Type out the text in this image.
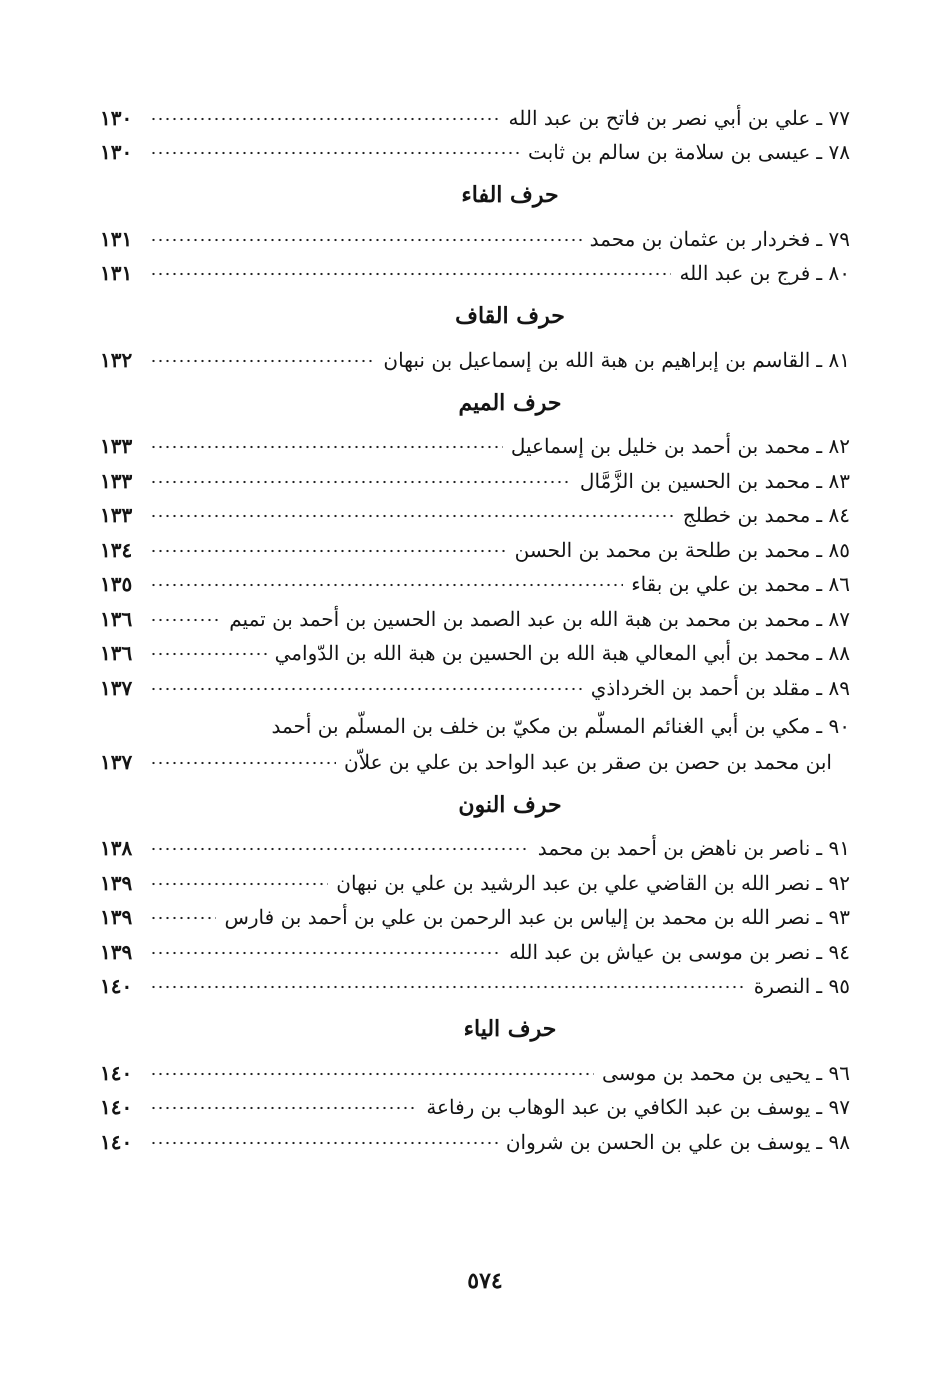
٧٧ ـ
علي بن أبي نصر بن فاتح بن عبد الله
١٣٠
٧٨ ـ
عيسى بن سلامة بن سالم بن ثابت
١٣٠
حرف الفاء
٧٩ ـ
فخردار بن عثمان بن محمد
١٣١
٨٠ ـ
فرج بن عبد الله
١٣١
حرف القاف
٨١ ـ
القاسم بن إبراهيم بن هبة الله بن إسماعيل بن نبهان
١٣٢
حرف الميم
٨٢ ـ
محمد بن أحمد بن خليل بن إسماعيل
١٣٣
٨٣ ـ
محمد بن الحسين بن الزَّمَّال
١٣٣
٨٤ ـ
محمد بن خطلج
١٣٣
٨٥ ـ
محمد بن طلحة بن محمد بن الحسن
١٣٤
٨٦ ـ
محمد بن علي بن بقاء
١٣٥
٨٧ ـ
محمد بن محمد بن هبة الله بن عبد الصمد بن الحسين بن أحمد بن تميم
١٣٦
٨٨ ـ
محمد بن أبي المعالي هبة الله بن الحسين بن هبة الله بن الدّوامي
١٣٦
٨٩ ـ
مقلد بن أحمد بن الخرداذي
١٣٧
٩٠ ـ
مكي بن أبي الغنائم المسلّم بن مكيّ بن خلف بن المسلّم بن أحمد
ابن محمد بن حصن بن صقر بن عبد الواحد بن علي بن علاّن
١٣٧
حرف النون
٩١ ـ
ناصر بن ناهض بن أحمد بن محمد
١٣٨
٩٢ ـ
نصر الله بن القاضي علي بن عبد الرشيد بن علي بن نبهان
١٣٩
٩٣ ـ
نصر الله بن محمد بن إلياس بن عبد الرحمن بن علي بن أحمد بن فارس
١٣٩
٩٤ ـ
نصر بن موسى بن عياش بن عبد الله
١٣٩
٩٥ ـ
النصرة
١٤٠
حرف الياء
٩٦ ـ
يحيى بن محمد بن موسى
١٤٠
٩٧ ـ
يوسف بن عبد الكافي بن عبد الوهاب بن رفاعة
١٤٠
٩٨ ـ
يوسف بن علي بن الحسن بن شروان
١٤٠
٥٧٤
